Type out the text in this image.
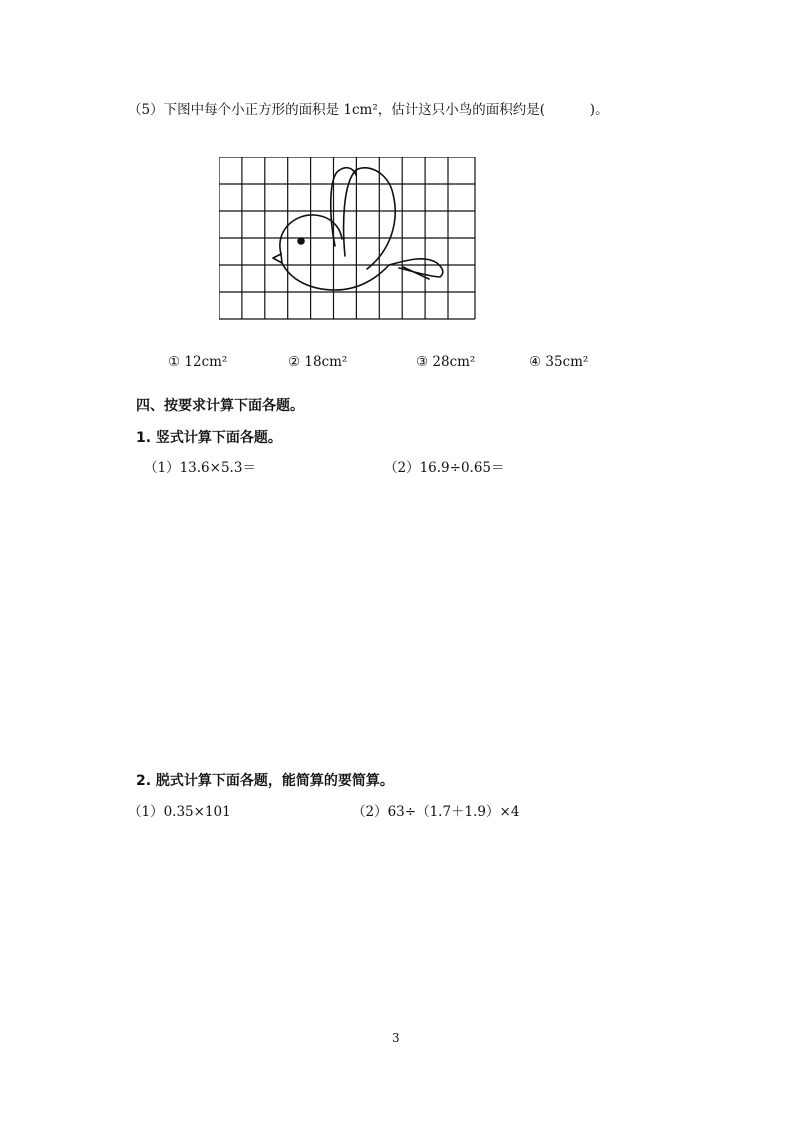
（5）下图中每个小正方形的面积是 1cm²，估计这只小鸟的面积约是(　　　 )。
① 12cm²	② 18cm²	③ 28cm²	④ 35cm²
四、按要求计算下面各题。
1. 竖式计算下面各题。
（1）13.6×5.3＝	（2）16.9÷0.65＝
2. 脱式计算下面各题，能简算的要简算。
（1）0.35×101	（2）63÷（1.7＋1.9）×4
3
